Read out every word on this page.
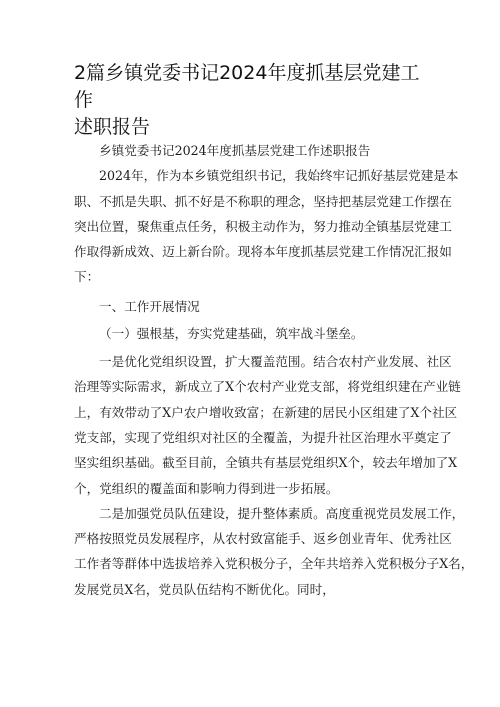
2篇乡镇党委书记2024年度抓基层党建工作
述职报告
乡镇党委书记2024年度抓基层党建工作述职报告
2024年，作为本乡镇党组织书记，我始终牢记抓好基层党建是本
职、不抓是失职、抓不好是不称职的理念，坚持把基层党建工作摆在
突出位置，聚焦重点任务，积极主动作为，努力推动全镇基层党建工
作取得新成效、迈上新台阶。现将本年度抓基层党建工作情况汇报如
下：
一、工作开展情况
（一）强根基，夯实党建基础，筑牢战斗堡垒。
一是优化党组织设置，扩大覆盖范围。结合农村产业发展、社区
治理等实际需求，新成立了X个农村产业党支部，将党组织建在产业链
上，有效带动了X户农户增收致富；在新建的居民小区组建了X个社区
党支部，实现了党组织对社区的全覆盖，为提升社区治理水平奠定了
坚实组织基础。截至目前，全镇共有基层党组织X个，较去年增加了X
个，党组织的覆盖面和影响力得到进一步拓展。
二是加强党员队伍建设，提升整体素质。高度重视党员发展工作，
严格按照党员发展程序，从农村致富能手、返乡创业青年、优秀社区
工作者等群体中选拔培养入党积极分子，全年共培养入党积极分子X名，
发展党员X名，党员队伍结构不断优化。同时，
